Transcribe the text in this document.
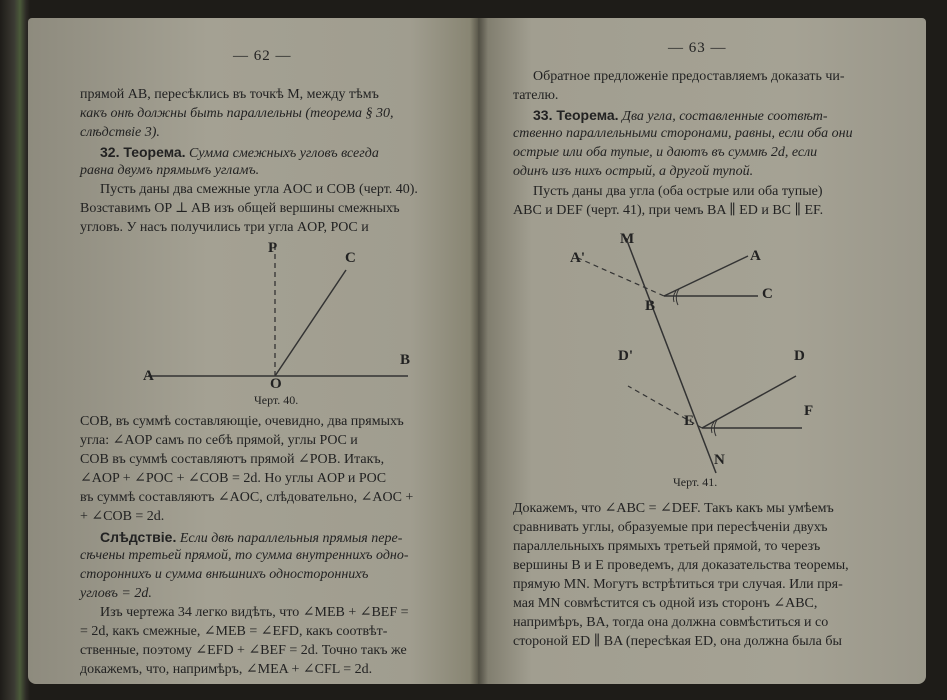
— 62 —
прямой AB, пересѣклись въ точкѣ M, между тѣмъ
какъ онѣ должны быть параллельны (теорема § 30,
слѣдствіе 3).
32. Теорема. Сумма смежныхъ угловъ всегда
равна двумъ прямымъ угламъ.
Пусть даны два смежные угла AOC и COB (черт. 40).
Возставимъ OP ⊥ AB изъ общей вершины смежныхъ
угловъ. У насъ получились три угла AOP, POC и
P
C
A
B
O
Черт. 40.
COB, въ суммѣ составляющіе, очевидно, два прямыхъ
угла: ∠AOP самъ по себѣ прямой, углы POC и
COB въ суммѣ составляютъ прямой ∠POB. Итакъ,
∠AOP + ∠POC + ∠COB = 2d. Но углы AOP и POC
въ суммѣ составляютъ ∠AOC, слѣдовательно, ∠AOC +
+ ∠COB = 2d.
Слѣдствіе. Если двѣ параллельныя прямыя пере-
сѣчены третьей прямой, то сумма внутреннихъ одно-
стороннихъ и сумма внѣшнихъ одностороннихъ
угловъ = 2d.
Изъ чертежа 34 легко видѣть, что ∠MEB + ∠BEF =
= 2d, какъ смежные, ∠MEB = ∠EFD, какъ соотвѣт-
ственные, поэтому ∠EFD + ∠BEF = 2d. Точно такъ же
докажемъ, что, напримѣръ, ∠MEA + ∠CFL = 2d.
— 63 —
Обратное предложеніе предоставляемъ доказать чи-
тателю.
33. Теорема. Два угла, составленные соотвѣт-
ственно параллельными сторонами, равны, если оба они
острые или оба тупые, и даютъ въ суммѣ 2d, если
одинъ изъ нихъ острый, а другой тупой.
Пусть даны два угла (оба острые или оба тупые)
ABC и DEF (черт. 41), при чемъ BA ∥ ED и BC ∥ EF.
A'
M
A
B
C
D'	D
E
F
N
Черт. 41.
Докажемъ, что ∠ABC = ∠DEF. Такъ какъ мы умѣемъ
сравнивать углы, образуемые при пересѣченіи двухъ
параллельныхъ прямыхъ третьей прямой, то черезъ
вершины B и E проведемъ, для доказательства теоремы,
прямую MN. Могутъ встрѣтиться три случая. Или пря-
мая MN совмѣстится съ одной изъ сторонъ ∠ABC,
напримѣръ, BA, тогда она должна совмѣститься и со
стороной ED ∥ BA (пересѣкая ED, она должна была бы
